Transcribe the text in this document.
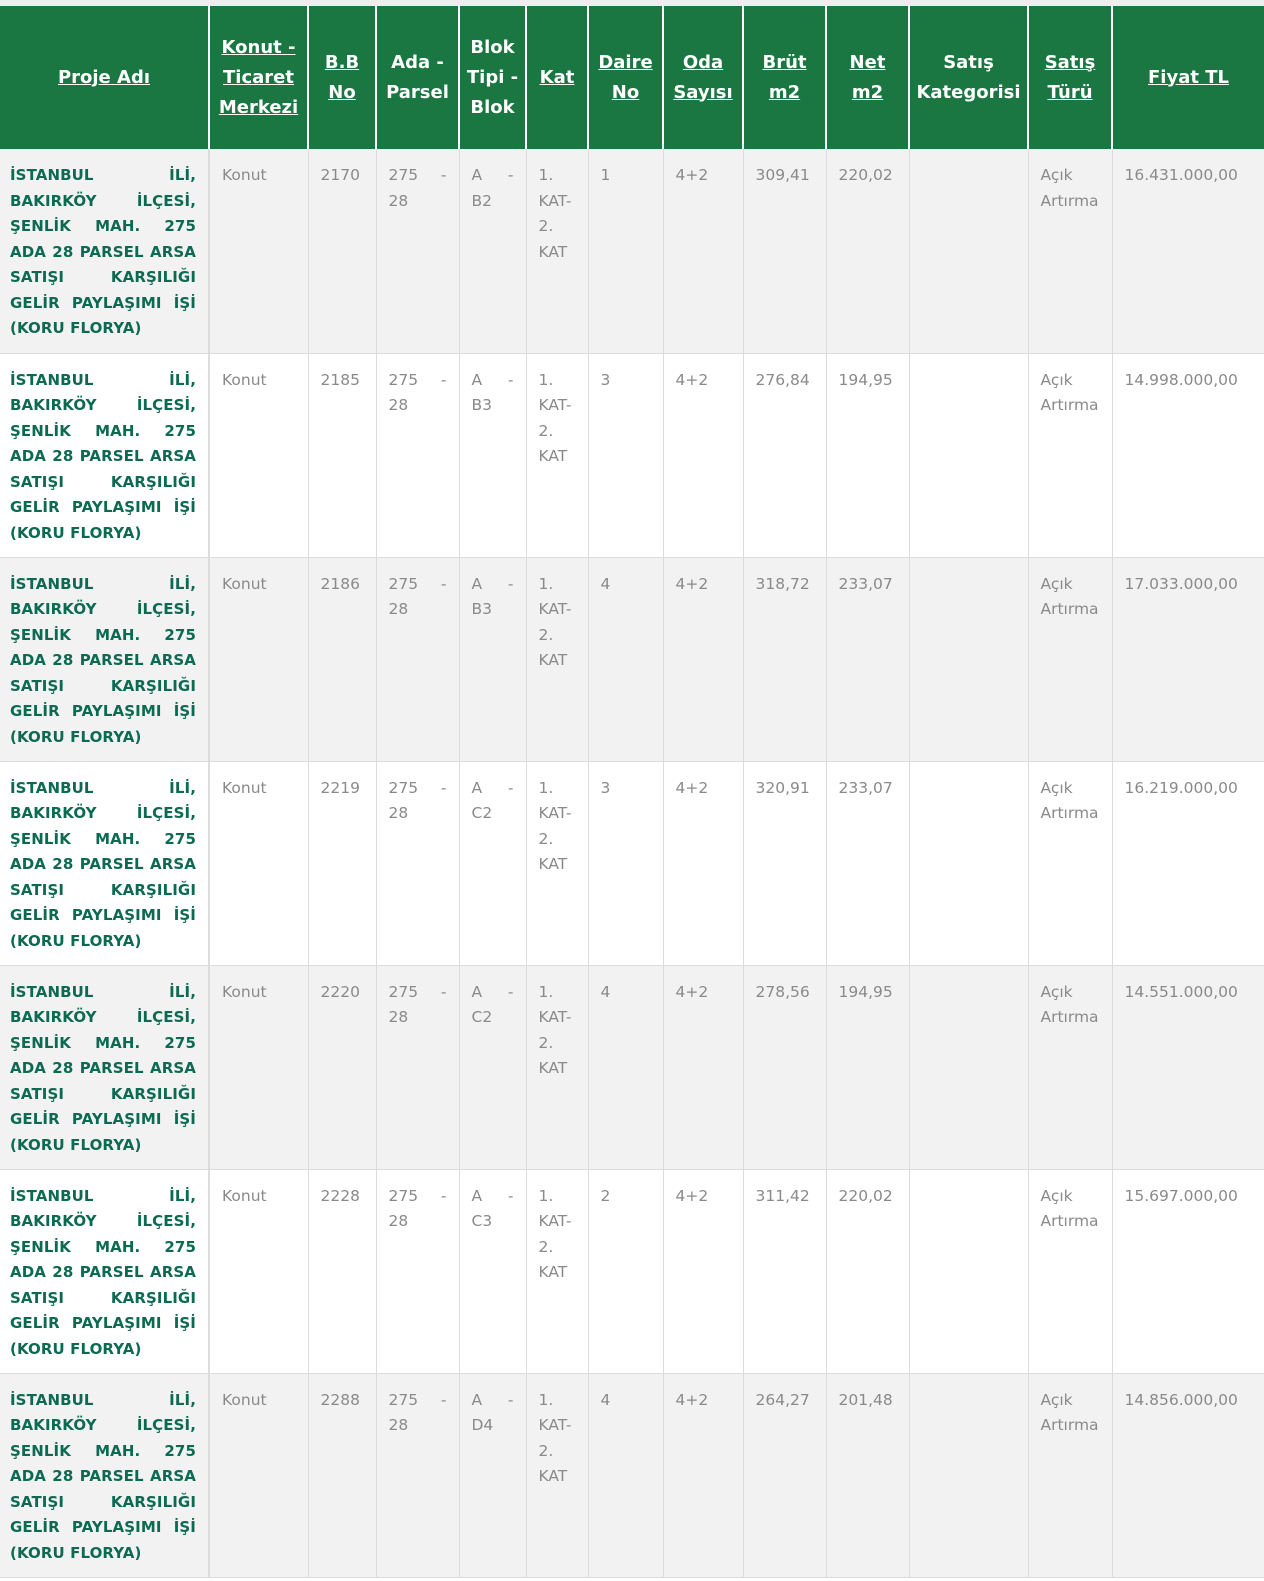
Proje Adı	Konut - Ticaret Merkezi	B.B No	Ada - Parsel	Blok Tipi - Blok	Kat	Daire No	Oda Sayısı	Brüt m2	Net m2	Satış Kategorisi	Satış Türü	Fiyat TL
İSTANBUL İLİ, BAKIRKÖY İLÇESİ, ŞENLİK MAH. 275 ADA 28 PARSEL ARSA SATIŞI KARŞILIĞI GELİR PAYLAŞIMI İŞİ (KORU FLORYA)	Konut	2170	275 - 28	A - B2	1. KAT- 2. KAT	1	4+2	309,41	220,02		Açık Artırma	16.431.000,00
İSTANBUL İLİ, BAKIRKÖY İLÇESİ, ŞENLİK MAH. 275 ADA 28 PARSEL ARSA SATIŞI KARŞILIĞI GELİR PAYLAŞIMI İŞİ (KORU FLORYA)	Konut	2185	275 - 28	A - B3	1. KAT- 2. KAT	3	4+2	276,84	194,95		Açık Artırma	14.998.000,00
İSTANBUL İLİ, BAKIRKÖY İLÇESİ, ŞENLİK MAH. 275 ADA 28 PARSEL ARSA SATIŞI KARŞILIĞI GELİR PAYLAŞIMI İŞİ (KORU FLORYA)	Konut	2186	275 - 28	A - B3	1. KAT- 2. KAT	4	4+2	318,72	233,07		Açık Artırma	17.033.000,00
İSTANBUL İLİ, BAKIRKÖY İLÇESİ, ŞENLİK MAH. 275 ADA 28 PARSEL ARSA SATIŞI KARŞILIĞI GELİR PAYLAŞIMI İŞİ (KORU FLORYA)	Konut	2219	275 - 28	A - C2	1. KAT- 2. KAT	3	4+2	320,91	233,07		Açık Artırma	16.219.000,00
İSTANBUL İLİ, BAKIRKÖY İLÇESİ, ŞENLİK MAH. 275 ADA 28 PARSEL ARSA SATIŞI KARŞILIĞI GELİR PAYLAŞIMI İŞİ (KORU FLORYA)	Konut	2220	275 - 28	A - C2	1. KAT- 2. KAT	4	4+2	278,56	194,95		Açık Artırma	14.551.000,00
İSTANBUL İLİ, BAKIRKÖY İLÇESİ, ŞENLİK MAH. 275 ADA 28 PARSEL ARSA SATIŞI KARŞILIĞI GELİR PAYLAŞIMI İŞİ (KORU FLORYA)	Konut	2228	275 - 28	A - C3	1. KAT- 2. KAT	2	4+2	311,42	220,02		Açık Artırma	15.697.000,00
İSTANBUL İLİ, BAKIRKÖY İLÇESİ, ŞENLİK MAH. 275 ADA 28 PARSEL ARSA SATIŞI KARŞILIĞI GELİR PAYLAŞIMI İŞİ (KORU FLORYA)	Konut	2288	275 - 28	A - D4	1. KAT- 2. KAT	4	4+2	264,27	201,48		Açık Artırma	14.856.000,00
